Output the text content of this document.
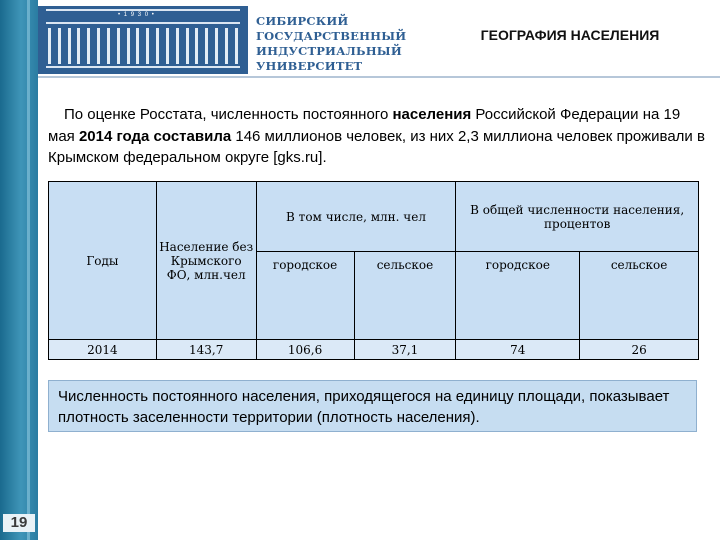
19
• 1 9 3 0 •	СИБИРСКИЙ
ГОСУДАРСТВЕННЫЙ
ИНДУСТРИАЛЬНЫЙ
УНИВЕРСИТЕТ
ГЕОГРАФИЯ НАСЕЛЕНИЯ
По оценке Росстата, численность постоянного населения Российской Федерации на 19 мая 2014 года составила 146 миллионов человек, из них 2,3 миллиона человек проживали в Крымском федеральном округе [gks.ru].
Годы	Население без Крымского ФО, млн.чел	В том числе, млн. чел		В общей численности населения, процентов	
		городское	сельское	городское	сельское
2014	143,7	106,6	37,1	74	26
Численность постоянного населения, приходящегося на единицу площади, показывает плотность заселенности территории (плотность населения).
